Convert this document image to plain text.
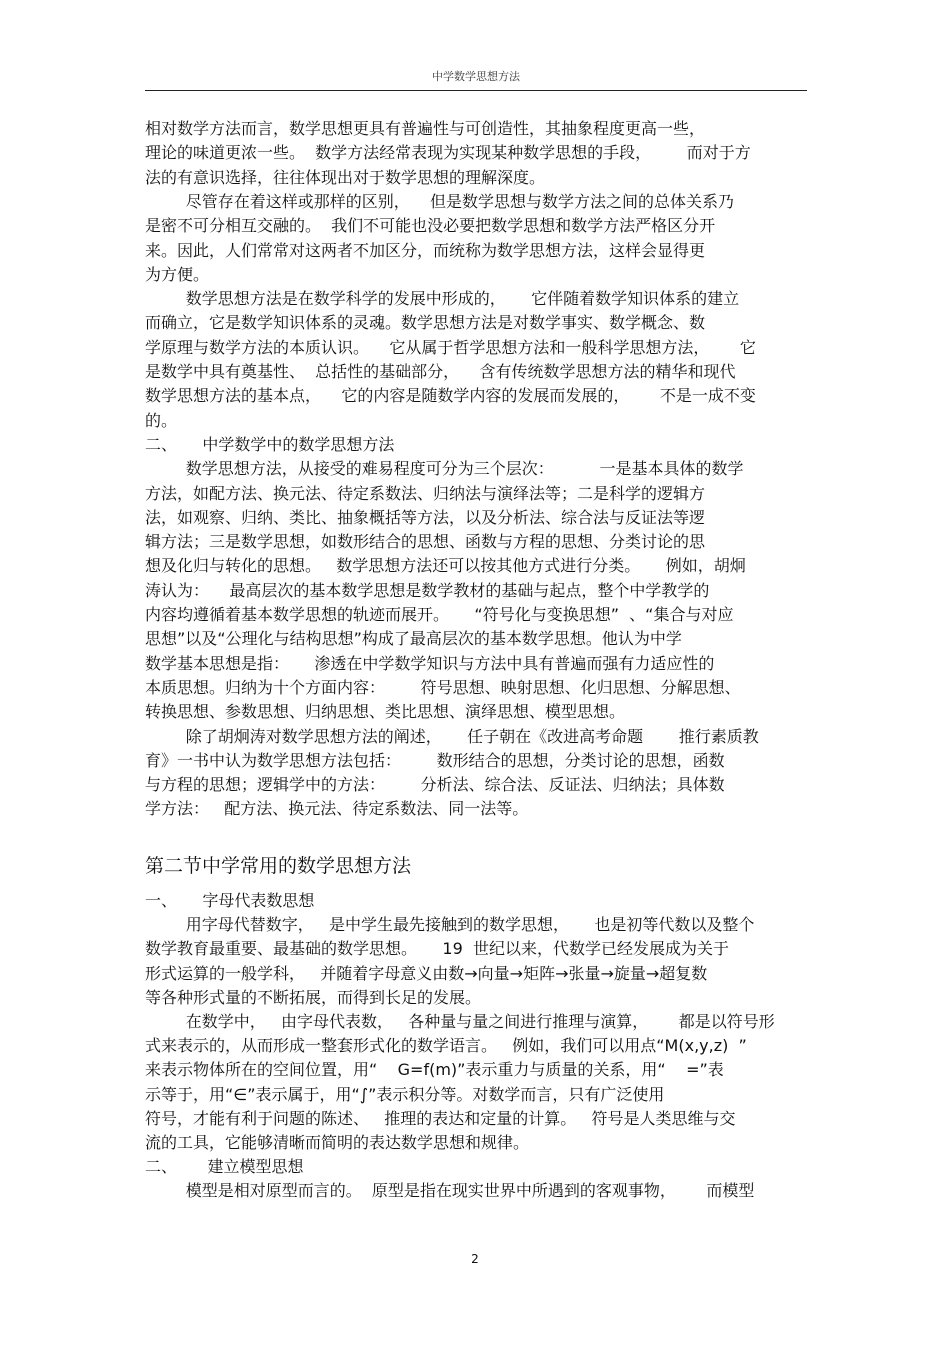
中学数学思想方法
相对数学方法而言，数学思想更具有普遍性与可创造性，其抽象程度更高一些，
理论的味道更浓一些。  数学方法经常表现为实现某种数学思想的手段，       而对于方
法的有意识选择，往往体现出对于数学思想的理解深度。
尽管存在着这样或那样的区别，    但是数学思想与数学方法之间的总体关系乃
是密不可分相互交融的。  我们不可能也没必要把数学思想和数学方法严格区分开
来。因此，人们常常对这两者不加区分，而统称为数学思想方法，这样会显得更
为方便。
数学思想方法是在数学科学的发展中形成的，     它伴随着数学知识体系的建立
而确立，它是数学知识体系的灵魂。数学思想方法是对数学事实、数学概念、数
学原理与数学方法的本质认识。    它从属于哲学思想方法和一般科学思想方法，      它
是数学中具有奠基性、  总括性的基础部分，    含有传统数学思想方法的精华和现代
数学思想方法的基本点，    它的内容是随数学内容的发展而发展的，      不是一成不变
的。
二、     中学数学中的数学思想方法
数学思想方法，从接受的难易程度可分为三个层次：         一是基本具体的数学
方法，如配方法、换元法、待定系数法、归纳法与演绎法等；二是科学的逻辑方
法，如观察、归纳、类比、抽象概括等方法，以及分析法、综合法与反证法等逻
辑方法；三是数学思想，如数形结合的思想、函数与方程的思想、分类讨论的思
想及化归与转化的思想。   数学思想方法还可以按其他方式进行分类。     例如，胡炯
涛认为：    最高层次的基本数学思想是数学教材的基础与起点，整个中学教学的
内容均遵循着基本数学思想的轨迹而展开。     “符号化与变换思想”  、“集合与对应
思想”以及“公理化与结构思想”构成了最高层次的基本数学思想。他认为中学
数学基本思想是指：     渗透在中学数学知识与方法中具有普遍而强有力适应性的
本质思想。归纳为十个方面内容：       符号思想、映射思想、化归思想、分解思想、
转换思想、参数思想、归纳思想、类比思想、演绎思想、模型思想。
除了胡炯涛对数学思想方法的阐述，     任子朝在《改进高考命题       推行素质教
育》一书中认为数学思想方法包括：       数形结合的思想，分类讨论的思想，函数
与方程的思想；逻辑学中的方法：       分析法、综合法、反证法、归纳法；具体数
学方法：   配方法、换元法、待定系数法、同一法等。
第二节中学常用的数学思想方法
一、     字母代表数思想
用字母代替数字，   是中学生最先接触到的数学思想，     也是初等代数以及整个
数学教育最重要、最基础的数学思想。     19  世纪以来，代数学已经发展成为关于
形式运算的一般学科，   并随着字母意义由数→向量→矩阵→张量→旋量→超复数
等各种形式量的不断拓展，而得到长足的发展。
在数学中，   由字母代表数，   各种量与量之间进行推理与演算，      都是以符号形
式来表示的，从而形成一整套形式化的数学语言。   例如，我们可以用点“M(x,y,z)  ”
来表示物体所在的空间位置，用“    G=f(m)”表示重力与质量的关系，用“    =”表
示等于，用“∈”表示属于，用“∫”表示积分等。对数学而言，只有广泛使用
符号，才能有利于问题的陈述、   推理的表达和定量的计算。   符号是人类思维与交
流的工具，它能够清晰而简明的表达数学思想和规律。
二、      建立模型思想
模型是相对原型而言的。  原型是指在现实世界中所遇到的客观事物，      而模型
2
